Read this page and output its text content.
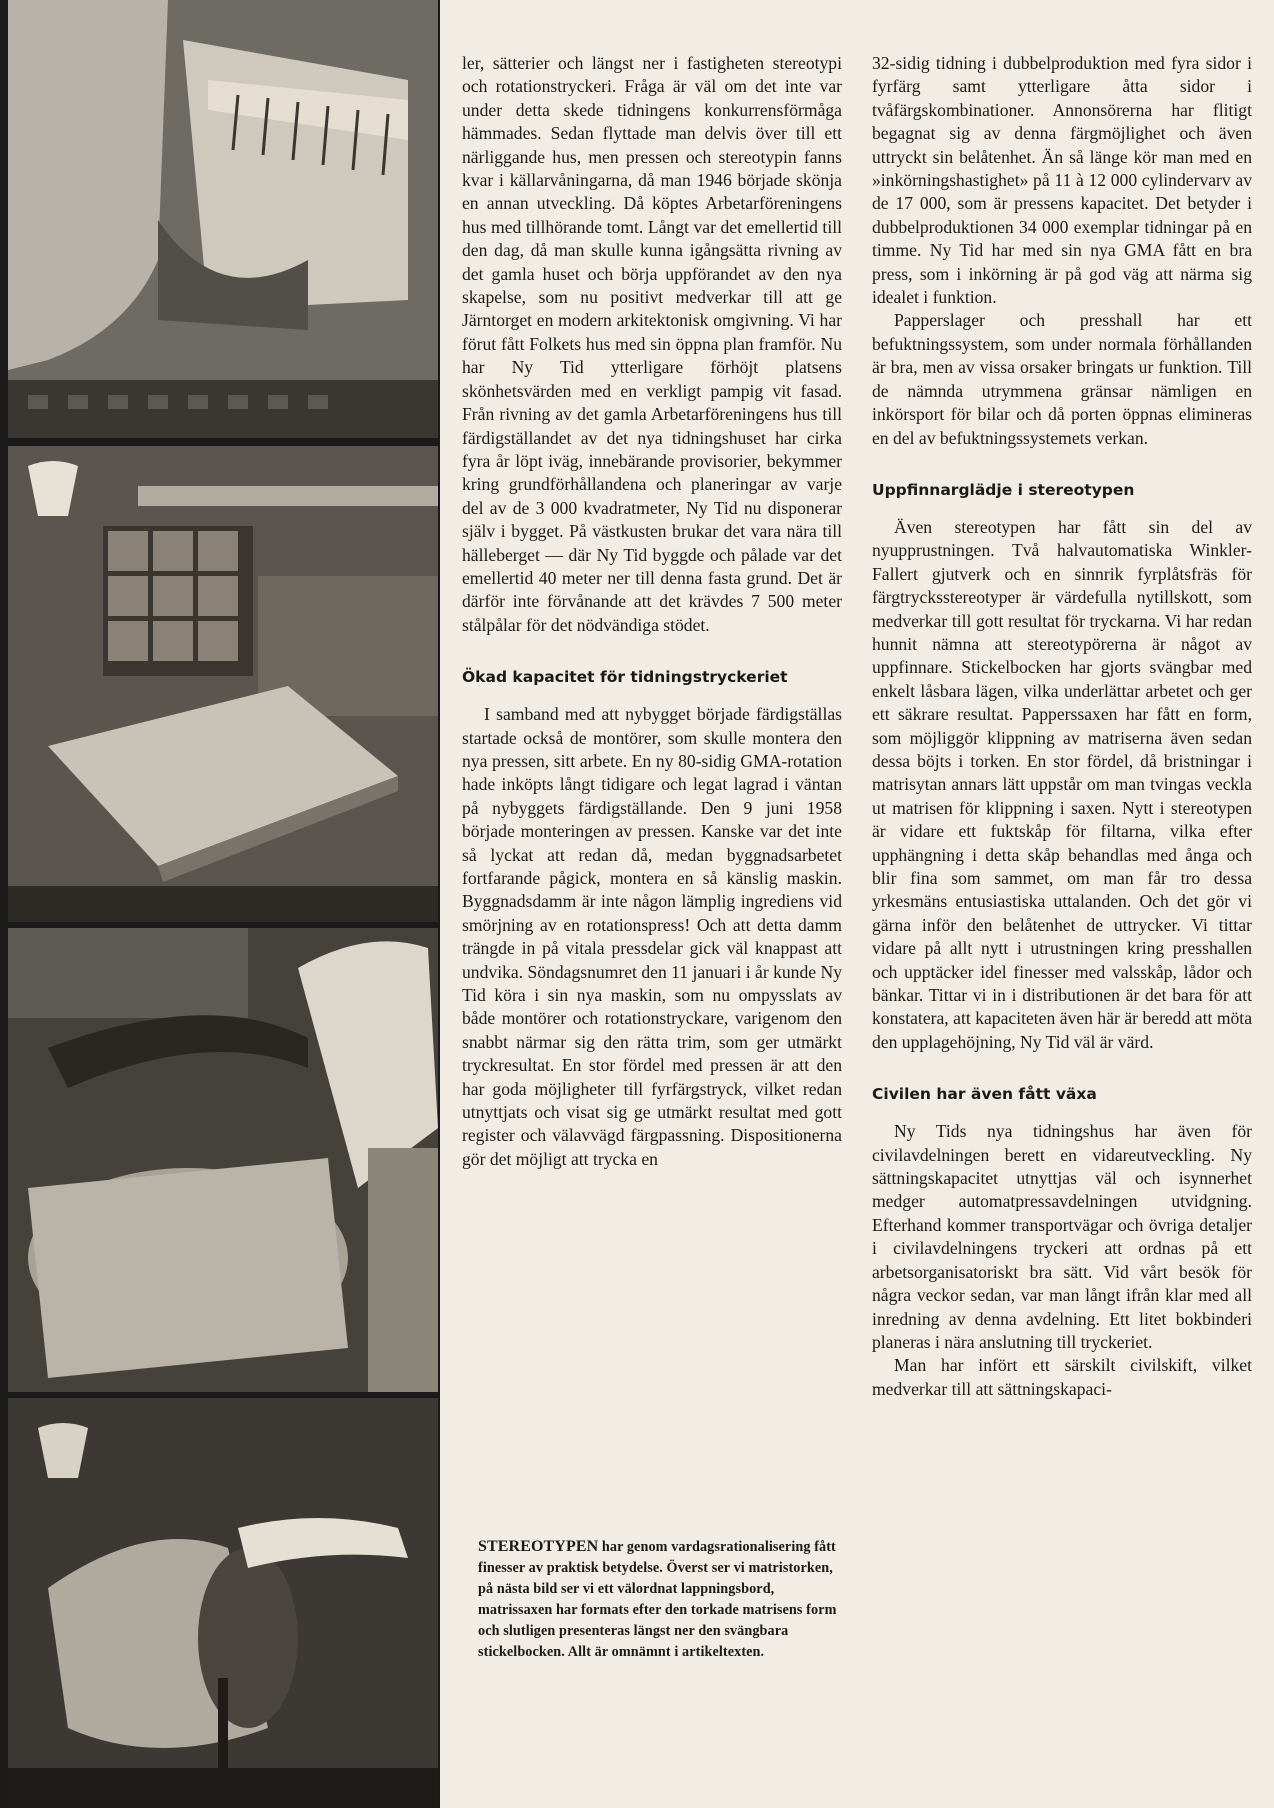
ler, sätterier och längst ner i fastigheten stereotypi och rotationstryckeri. Fråga är väl om det inte var under detta skede tidningens konkurrensförmåga hämmades. Sedan flyttade man delvis över till ett närliggande hus, men pressen och stereotypin fanns kvar i källarvåningarna, då man 1946 började skönja en annan utveckling. Då köptes Arbetarföreningens hus med tillhörande tomt. Långt var det emellertid till den dag, då man skulle kunna igångsätta rivning av det gamla huset och börja uppförandet av den nya skapelse, som nu positivt medverkar till att ge Järntorget en modern arkitektonisk omgivning. Vi har förut fått Folkets hus med sin öppna plan framför. Nu har Ny Tid ytterligare förhöjt platsens skönhetsvärden med en verkligt pampig vit fasad. Från rivning av det gamla Arbetarföreningens hus till färdigställandet av det nya tidningshuset har cirka fyra år löpt iväg, innebärande provisorier, bekymmer kring grundförhållandena och planeringar av varje del av de 3 000 kvadratmeter, Ny Tid nu disponerar själv i bygget. På västkusten brukar det vara nära till hälleberget — där Ny Tid byggde och pålade var det emellertid 40 meter ner till denna fasta grund. Det är därför inte förvånande att det krävdes 7 500 meter stålpålar för det nödvändiga stödet.

Ökad kapacitet för tidningstryckeriet

I samband med att nybygget började färdigställas startade också de montörer, som skulle montera den nya pressen, sitt arbete. En ny 80-sidig GMA-rotation hade inköpts långt tidigare och legat lagrad i väntan på nybyggets färdigställande. Den 9 juni 1958 började monteringen av pressen. Kanske var det inte så lyckat att redan då, medan byggnadsarbetet fortfarande pågick, montera en så känslig maskin. Byggnadsdamm är inte någon lämplig ingrediens vid smörjning av en rotationspress! Och att detta damm trängde in på vitala pressdelar gick väl knappast att undvika. Söndagsnumret den 11 januari i år kunde Ny Tid köra i sin nya maskin, som nu ompysslats av både montörer och rotationstryckare, varigenom den snabbt närmar sig den rätta trim, som ger utmärkt tryckresultat. En stor fördel med pressen är att den har goda möjligheter till fyrfärgstryck, vilket redan utnyttjats och visat sig ge utmärkt resultat med gott register och välavvägd färgpassning. Dispositionerna gör det möjligt att trycka en

STEREOTYPEN har genom vardagsrationalisering fått finesser av praktisk betydelse. Överst ser vi matristorken, på nästa bild ser vi ett välordnat lappningsbord, matrissaxen har formats efter den torkade matrisens form och slutligen presenteras längst ner den svängbara stickelbocken. Allt är omnämnt i artikeltexten.

32-sidig tidning i dubbelproduktion med fyra sidor i fyrfärg samt ytterligare åtta sidor i tvåfärgskombinationer. Annonsörerna har flitigt begagnat sig av denna färgmöjlighet och även uttryckt sin belåtenhet. Än så länge kör man med en »inkörningshastighet» på 11 à 12 000 cylindervarv av de 17 000, som är pressens kapacitet. Det betyder i dubbelproduktionen 34 000 exemplar tidningar på en timme. Ny Tid har med sin nya GMA fått en bra press, som i inkörning är på god väg att närma sig idealet i funktion.

Papperslager och presshall har ett befuktningssystem, som under normala förhållanden är bra, men av vissa orsaker bringats ur funktion. Till de nämnda utrymmena gränsar nämligen en inkörsport för bilar och då porten öppnas elimineras en del av befuktningssystemets verkan.

Uppfinnarglädje i stereotypen

Även stereotypen har fått sin del av nyupprustningen. Två halvautomatiska Winkler-Fallert gjutverk och en sinnrik fyrplåtsfräs för färgtrycksstereotyper är värdefulla nytillskott, som medverkar till gott resultat för tryckarna. Vi har redan hunnit nämna att stereotypörerna är något av uppfinnare. Stickelbocken har gjorts svängbar med enkelt låsbara lägen, vilka underlättar arbetet och ger ett säkrare resultat. Papperssaxen har fått en form, som möjliggör klippning av matriserna även sedan dessa böjts i torken. En stor fördel, då bristningar i matrisytan annars lätt uppstår om man tvingas veckla ut matrisen för klippning i saxen. Nytt i stereotypen är vidare ett fuktskåp för filtarna, vilka efter upphängning i detta skåp behandlas med ånga och blir fina som sammet, om man får tro dessa yrkesmäns entusiastiska uttalanden. Och det gör vi gärna inför den belåtenhet de uttrycker. Vi tittar vidare på allt nytt i utrustningen kring presshallen och upptäcker idel finesser med valsskåp, lådor och bänkar. Tittar vi in i distributionen är det bara för att konstatera, att kapaciteten även här är beredd att möta den upplagehöjning, Ny Tid väl är värd.

Civilen har även fått växa

Ny Tids nya tidningshus har även för civilavdelningen berett en vidareutveckling. Ny sättningskapacitet utnyttjas väl och isynnerhet medger automatpressavdelningen utvidgning. Efterhand kommer transportvägar och övriga detaljer i civilavdelningens tryckeri att ordnas på ett arbetsorganisatoriskt bra sätt. Vid vårt besök för några veckor sedan, var man långt ifrån klar med all inredning av denna avdelning. Ett litet bokbinderi planeras i nära anslutning till tryckeriet.

Man har infört ett särskilt civilskift, vilket medverkar till att sättningskapaci-
